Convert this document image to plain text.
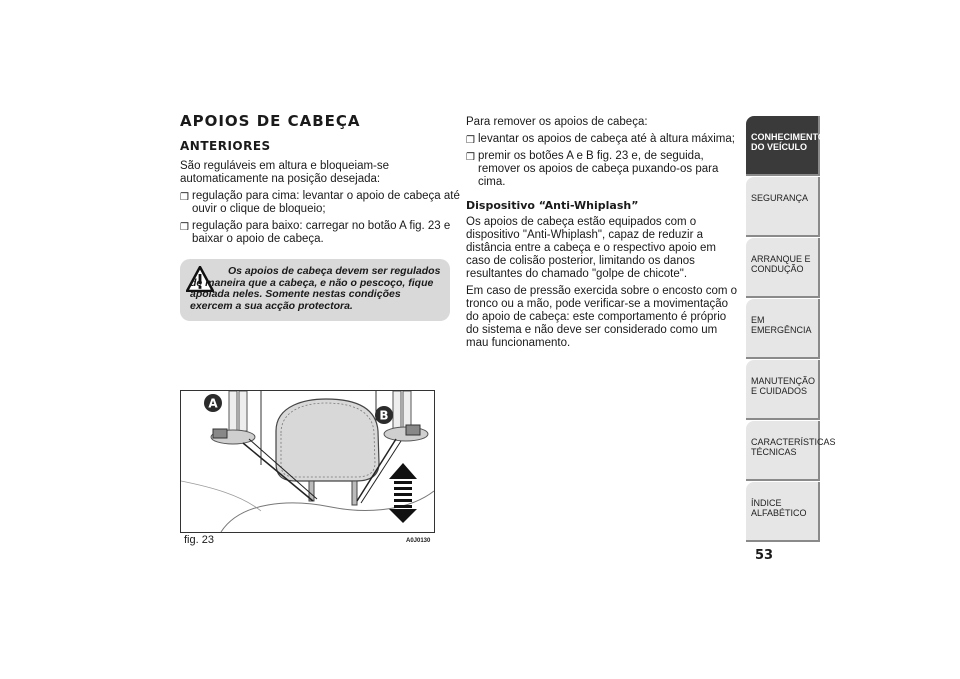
APOIOS DE CABEÇA
ANTERIORES
São reguláveis em altura e bloqueiam-se automaticamente na posição desejada:
❒ regulação para cima: levantar o apoio de cabeça até ouvir o clique de bloqueio;
❒ regulação para baixo: carregar no botão A fig. 23 e baixar o apoio de cabeça.
Os apoios de cabeça devem ser regulados de maneira que a cabeça, e não o pescoço, fique apoiada neles. Somente nestas condições exercem a sua acção protectora.
A
B
fig. 23	A0J0130

Para remover os apoios de cabeça:

❒ levantar os apoios de cabeça até à altura máxima;
❒ premir os botões A e B fig. 23 e, de seguida, remover os apoios de cabeça puxando-os para cima.
Dispositivo “Anti-Whiplash”

Os apoios de cabeça estão equipados com o dispositivo "Anti-Whiplash", capaz de reduzir a distância entre a cabeça e o respectivo apoio em caso de colisão posterior, limitando os danos resultantes do chamado "golpe de chicote".

Em caso de pressão exercida sobre o encosto com o tronco ou a mão, pode verificar-se a movimentação do apoio de cabeça: este comportamento é próprio do sistema e não deve ser considerado como um mau funcionamento.

CONHECIMENTO DO VEÍCULO
SEGURANÇA
ARRANQUE E CONDUÇÃO
EM EMERGÊNCIA
MANUTENÇÃO E CUIDADOS
CARACTERÍSTICAS TÉCNICAS
ÍNDICE ALFABÉTICO
53
